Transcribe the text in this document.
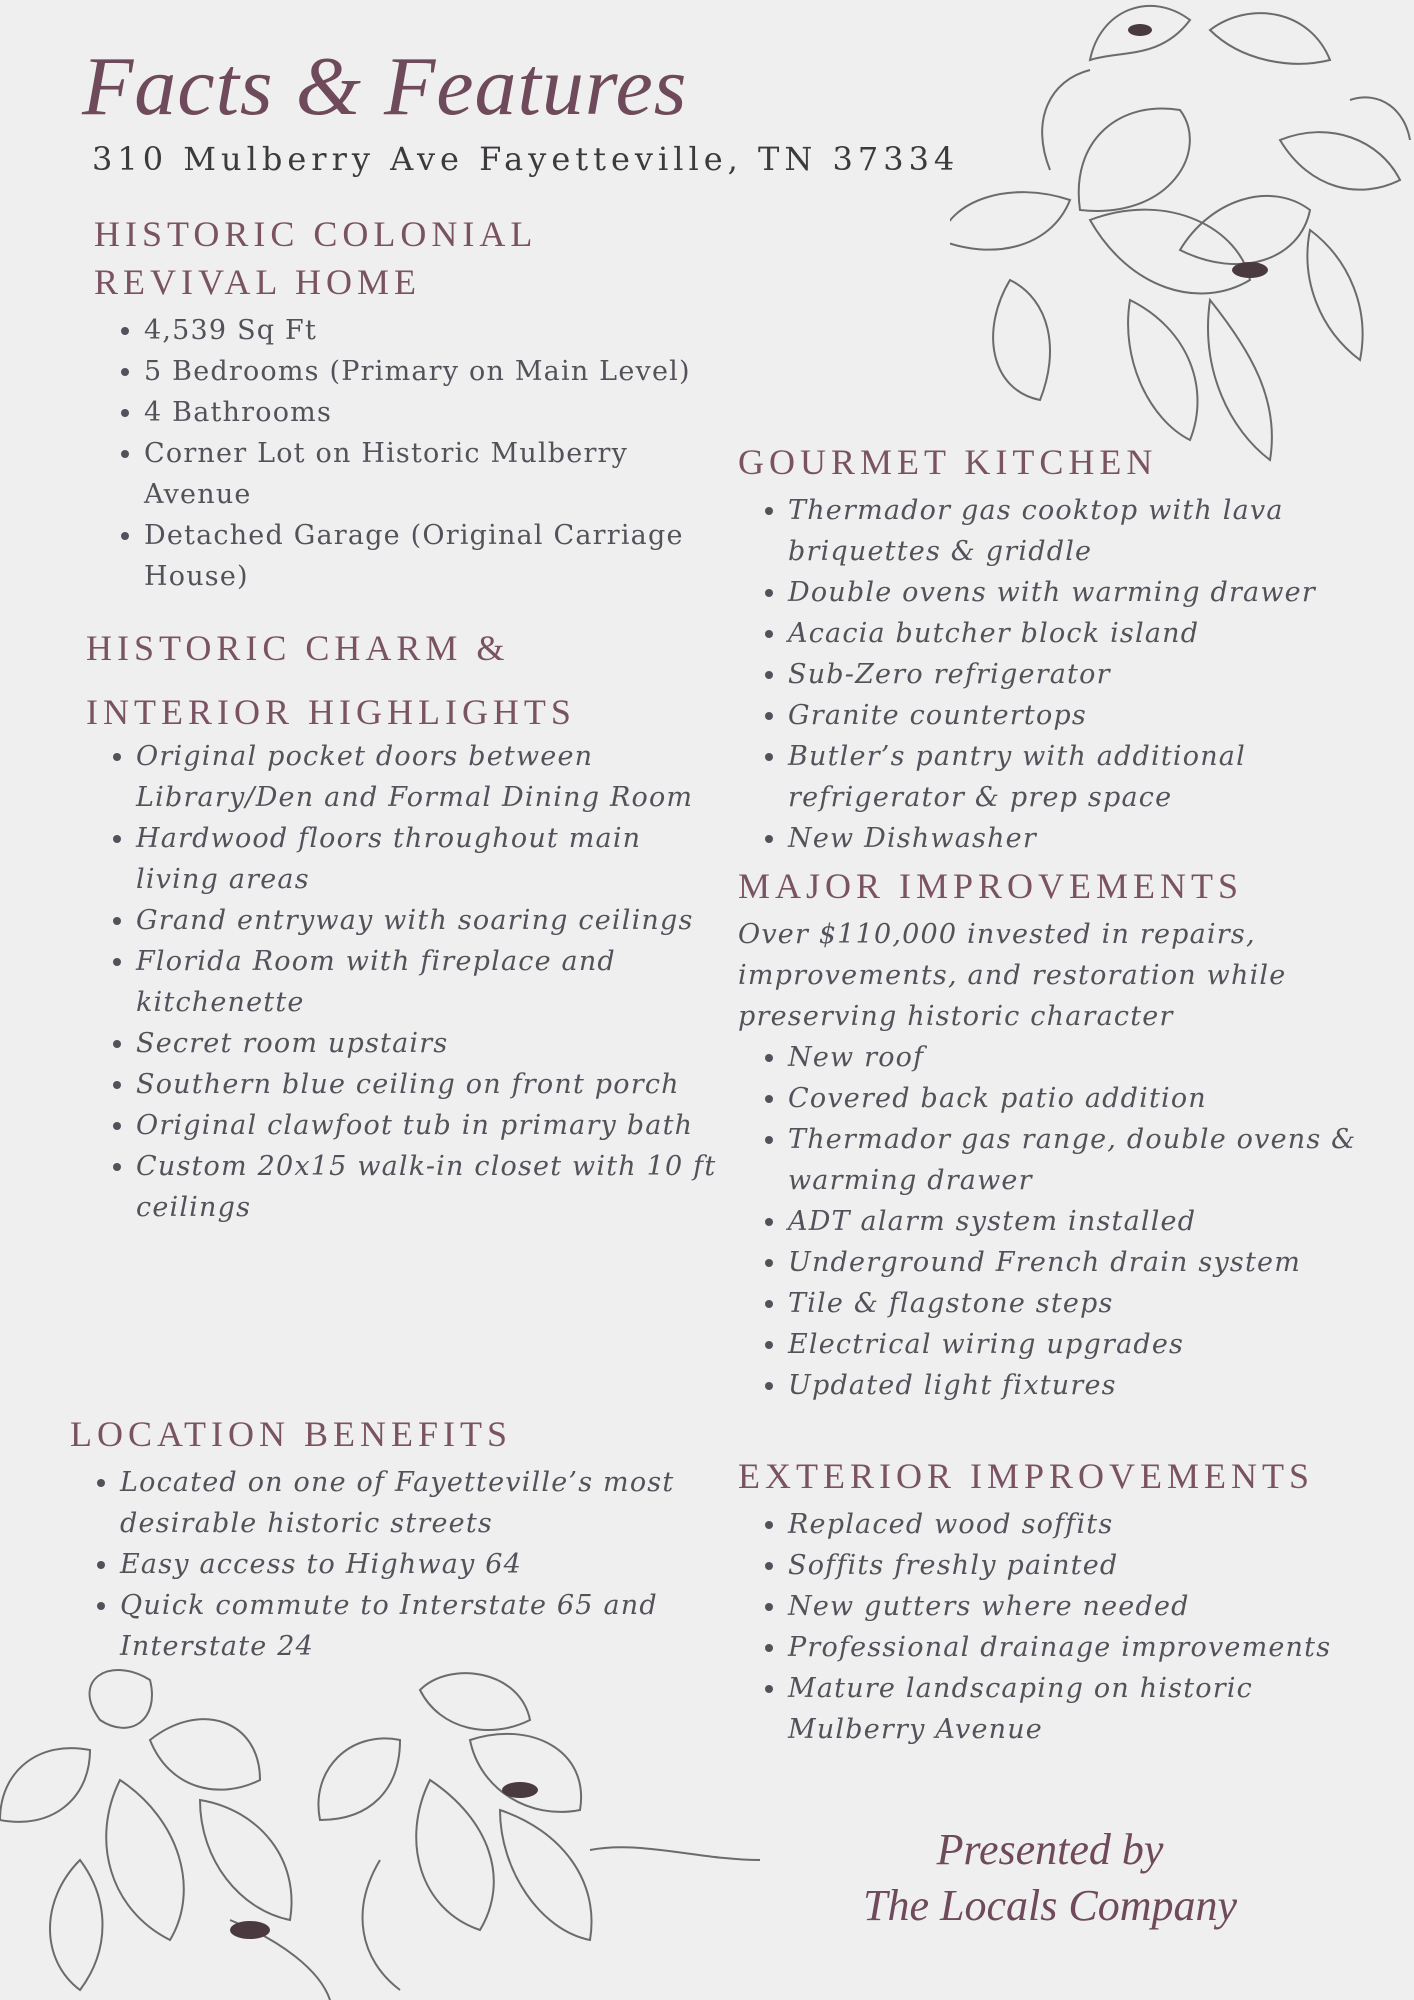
Facts & Features
310 Mulberry Ave Fayetteville, TN 37334
HISTORIC COLONIAL
REVIVAL HOME
• 4,539 Sq Ft
• 5 Bedrooms (Primary on Main Level)
• 4 Bathrooms
• Corner Lot on Historic Mulberry Avenue
• Detached Garage (Original Carriage House)
HISTORIC CHARM &
INTERIOR HIGHLIGHTS
• Original pocket doors between Library/Den and Formal Dining Room
• Hardwood floors throughout main living areas
• Grand entryway with soaring ceilings
• Florida Room with fireplace and kitchenette
• Secret room upstairs
• Southern blue ceiling on front porch
• Original clawfoot tub in primary bath
• Custom 20x15 walk-in closet with 10 ft ceilings
LOCATION BENEFITS
• Located on one of Fayetteville’s most desirable historic streets
• Easy access to Highway 64
• Quick commute to Interstate 65 and Interstate 24
GOURMET KITCHEN
• Thermador gas cooktop with lava briquettes & griddle
• Double ovens with warming drawer
• Acacia butcher block island
• Sub-Zero refrigerator
• Granite countertops
• Butler’s pantry with additional refrigerator & prep space
• New Dishwasher
MAJOR IMPROVEMENTS

Over $110,000 invested in repairs, improvements, and restoration while preserving historic character

• New roof
• Covered back patio addition
• Thermador gas range, double ovens & warming drawer
• ADT alarm system installed
• Underground French drain system
• Tile & flagstone steps
• Electrical wiring upgrades
• Updated light fixtures
EXTERIOR IMPROVEMENTS
• Replaced wood soffits
• Soffits freshly painted
• New gutters where needed
• Professional drainage improvements
• Mature landscaping on historic Mulberry Avenue
Presented by
The Locals Company
